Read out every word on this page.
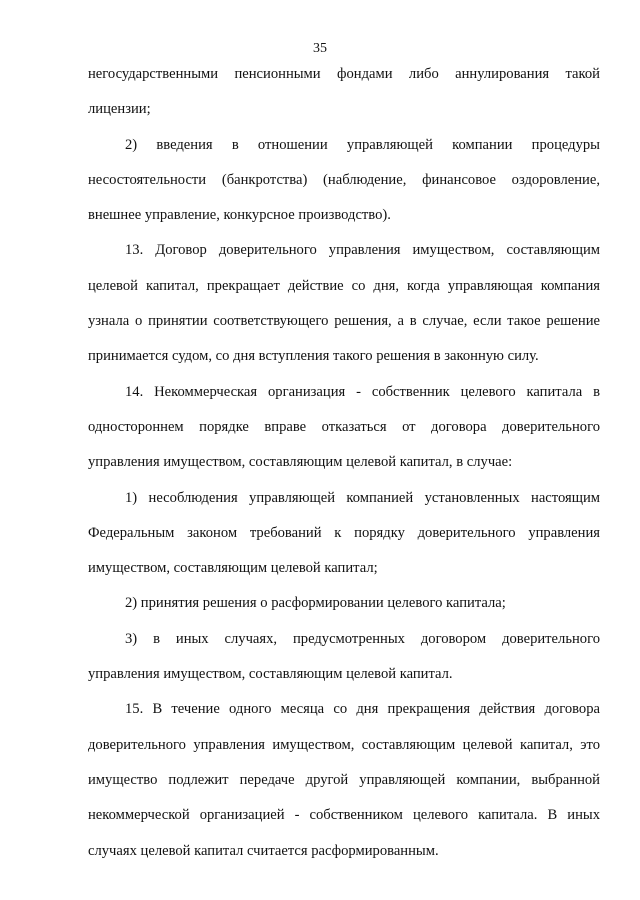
35

негосударственными пенсионными фондами либо аннулирования такой лицензии;

2) введения в отношении управляющей компании процедуры несостоятельности (банкротства) (наблюдение, финансовое оздоровление, внешнее управление, конкурсное производство).

13. Договор доверительного управления имуществом, составляющим целевой капитал, прекращает действие со дня, когда управляющая компания узнала о принятии соответствующего решения, а в случае, если такое решение принимается судом, со дня вступления такого решения в законную силу.

14. Некоммерческая организация - собственник целевого капитала в одностороннем порядке вправе отказаться от договора доверительного управления имуществом, составляющим целевой капитал, в случае:

1) несоблюдения управляющей компанией установленных настоящим Федеральным законом требований к порядку доверительного управления имуществом, составляющим целевой капитал;

2) принятия решения о расформировании целевого капитала;

3) в иных случаях, предусмотренных договором доверительного управления имуществом, составляющим целевой капитал.

15. В течение одного месяца со дня прекращения действия договора доверительного управления имуществом, составляющим целевой капитал, это имущество подлежит передаче другой управляющей компании, выбранной некоммерческой организацией - собственником целевого капитала. В иных случаях целевой капитал считается расформированным.
